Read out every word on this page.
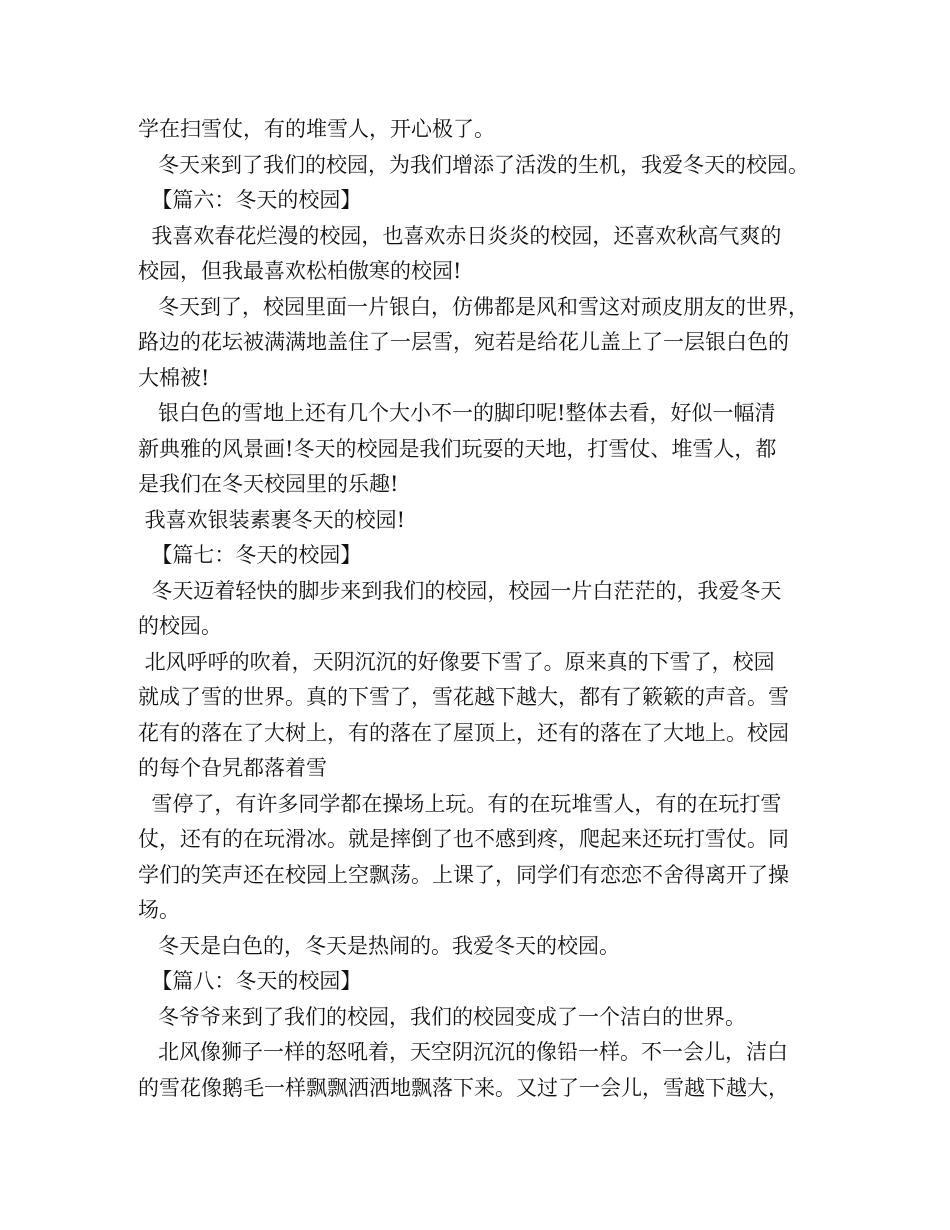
学在扫雪仗，有的堆雪人，开心极了。
冬天来到了我们的校园，为我们增添了活泼的生机，我爱冬天的校园。
【篇六：冬天的校园】
我喜欢春花烂漫的校园，也喜欢赤日炎炎的校园，还喜欢秋高气爽的
校园，但我最喜欢松柏傲寒的校园!
冬天到了，校园里面一片银白，仿佛都是风和雪这对顽皮朋友的世界，
路边的花坛被满满地盖住了一层雪，宛若是给花儿盖上了一层银白色的
大棉被!
银白色的雪地上还有几个大小不一的脚印呢!整体去看，好似一幅清
新典雅的风景画!冬天的校园是我们玩耍的天地，打雪仗、堆雪人，都
是我们在冬天校园里的乐趣!
我喜欢银装素裹冬天的校园!
【篇七：冬天的校园】
冬天迈着轻快的脚步来到我们的校园，校园一片白茫茫的，我爱冬天
的校园。
北风呼呼的吹着，天阴沉沉的好像要下雪了。原来真的下雪了，校园
就成了雪的世界。真的下雪了，雪花越下越大，都有了簌簌的声音。雪
花有的落在了大树上，有的落在了屋顶上，还有的落在了大地上。校园
的每个旮旯都落着雪
雪停了，有许多同学都在操场上玩。有的在玩堆雪人，有的在玩打雪
仗，还有的在玩滑冰。就是摔倒了也不感到疼，爬起来还玩打雪仗。同
学们的笑声还在校园上空飘荡。上课了，同学们有恋恋不舍得离开了操
场。
冬天是白色的，冬天是热闹的。我爱冬天的校园。
【篇八：冬天的校园】
冬爷爷来到了我们的校园，我们的校园变成了一个洁白的世界。
北风像狮子一样的怒吼着，天空阴沉沉的像铅一样。不一会儿，洁白
的雪花像鹅毛一样飘飘洒洒地飘落下来。又过了一会儿，雪越下越大，
